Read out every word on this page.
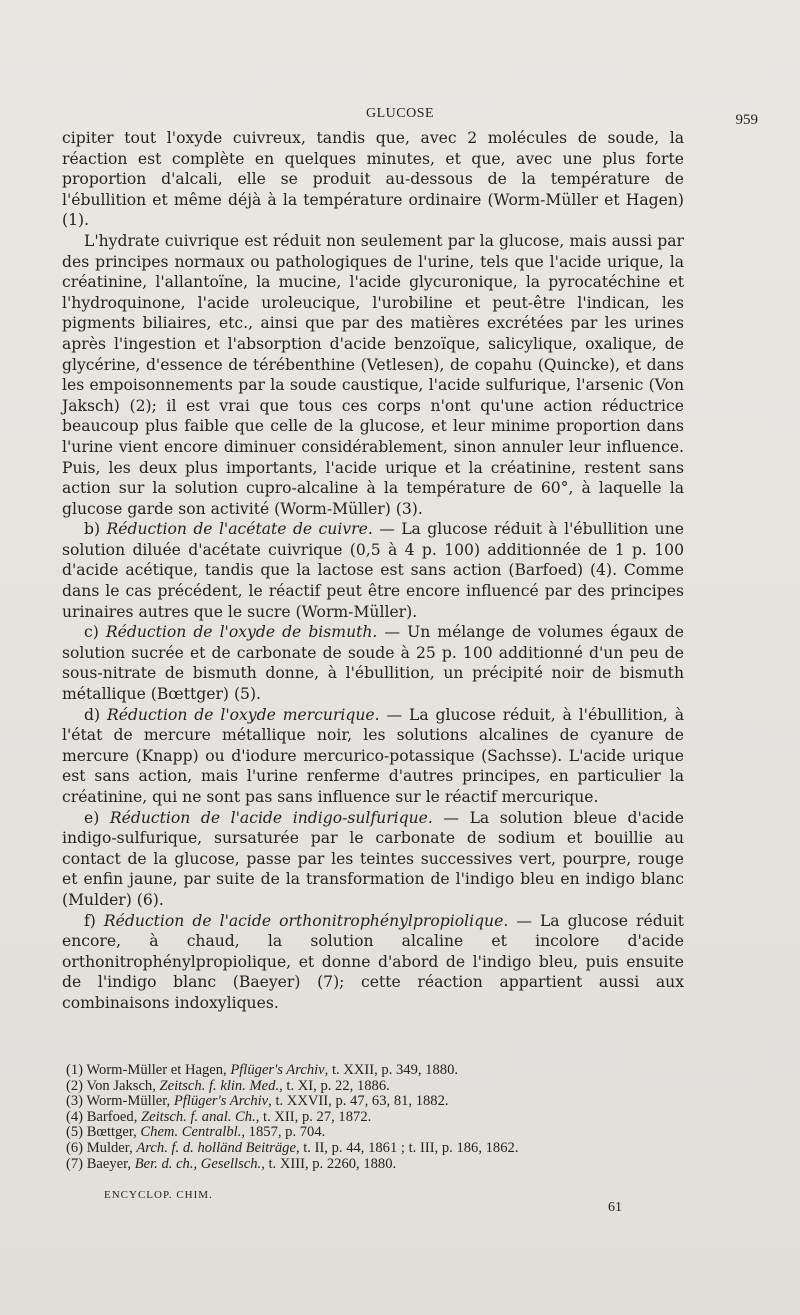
GLUCOSE	959

cipiter tout l'oxyde cuivreux, tandis que, avec 2 molécules de soude, la réaction est complète en quelques minutes, et que, avec une plus forte proportion d'alcali, elle se produit au-dessous de la température de l'ébullition et même déjà à la température ordinaire (Worm-Müller et Hagen) (1).

L'hydrate cuivrique est réduit non seulement par la glucose, mais aussi par des principes normaux ou pathologiques de l'urine, tels que l'acide urique, la créatinine, l'allantoïne, la mucine, l'acide glycuronique, la pyrocatéchine et l'hydroquinone, l'acide uroleucique, l'urobiline et peut-être l'indican, les pigments biliaires, etc., ainsi que par des matières excrétées par les urines après l'ingestion et l'absorption d'acide benzoïque, salicylique, oxalique, de glycérine, d'essence de térébenthine (Vetlesen), de copahu (Quincke), et dans les empoisonnements par la soude caustique, l'acide sulfurique, l'arsenic (Von Jaksch) (2); il est vrai que tous ces corps n'ont qu'une action réductrice beaucoup plus faible que celle de la glucose, et leur minime proportion dans l'urine vient encore diminuer considérablement, sinon annuler leur influence. Puis, les deux plus importants, l'acide urique et la créatinine, restent sans action sur la solution cupro-alcaline à la température de 60°, à laquelle la glucose garde son activité (Worm-Müller) (3).

b) Réduction de l'acétate de cuivre. — La glucose réduit à l'ébullition une solution diluée d'acétate cuivrique (0,5 à 4 p. 100) additionnée de 1 p. 100 d'acide acétique, tandis que la lactose est sans action (Barfoed) (4). Comme dans le cas précédent, le réactif peut être encore influencé par des principes urinaires autres que le sucre (Worm-Müller).

c) Réduction de l'oxyde de bismuth. — Un mélange de volumes égaux de solution sucrée et de carbonate de soude à 25 p. 100 additionné d'un peu de sous-nitrate de bismuth donne, à l'ébullition, un précipité noir de bismuth métallique (Bœttger) (5).

d) Réduction de l'oxyde mercurique. — La glucose réduit, à l'ébullition, à l'état de mercure métallique noir, les solutions alcalines de cyanure de mercure (Knapp) ou d'iodure mercurico-potassique (Sachsse). L'acide urique est sans action, mais l'urine renferme d'autres principes, en particulier la créatinine, qui ne sont pas sans influence sur le réactif mercurique.

e) Réduction de l'acide indigo-sulfurique. — La solution bleue d'acide indigo-sulfurique, sursaturée par le carbonate de sodium et bouillie au contact de la glucose, passe par les teintes successives vert, pourpre, rouge et enfin jaune, par suite de la transformation de l'indigo bleu en indigo blanc (Mulder) (6).

f) Réduction de l'acide orthonitrophénylpropiolique. — La glucose réduit encore, à chaud, la solution alcaline et incolore d'acide orthonitrophénylpropiolique, et donne d'abord de l'indigo bleu, puis ensuite de l'indigo blanc (Baeyer) (7); cette réaction appartient aussi aux combinaisons indoxyliques.

(1) Worm-Müller et Hagen, Pflüger's Archiv, t. XXII, p. 349, 1880.

(2) Von Jaksch, Zeitsch. f. klin. Med., t. XI, p. 22, 1886.

(3) Worm-Müller, Pflüger's Archiv, t. XXVII, p. 47, 63, 81, 1882.

(4) Barfoed, Zeitsch. f. anal. Ch., t. XII, p. 27, 1872.

(5) Bœttger, Chem. Centralbl., 1857, p. 704.

(6) Mulder, Arch. f. d. holländ Beiträge, t. II, p. 44, 1861 ; t. III, p. 186, 1862.

(7) Baeyer, Ber. d. ch., Gesellsch., t. XIII, p. 2260, 1880.

ENCYCLOP. CHIM.
61
